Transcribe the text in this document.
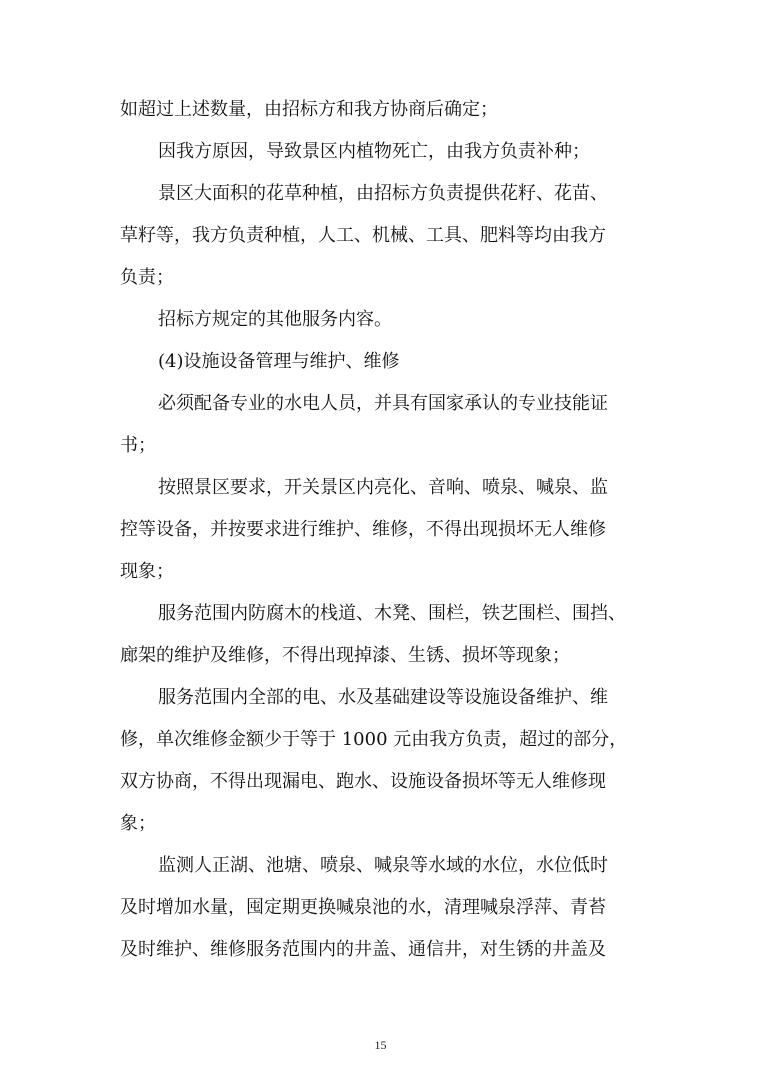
如超过上述数量，由招标方和我方协商后确定；
因我方原因，导致景区内植物死亡，由我方负责补种；
景区大面积的花草种植，由招标方负责提供花籽、花苗、
草籽等，我方负责种植，人工、机械、工具、肥料等均由我方
负责；
招标方规定的其他服务内容。
(4)设施设备管理与维护、维修
必须配备专业的水电人员，并具有国家承认的专业技能证
书；
按照景区要求，开关景区内亮化、音响、喷泉、喊泉、监
控等设备，并按要求进行维护、维修，不得出现损坏无人维修
现象；
服务范围内防腐木的栈道、木凳、围栏，铁艺围栏、围挡、
廊架的维护及维修，不得出现掉漆、生锈、损坏等现象；
服务范围内全部的电、水及基础建设等设施设备维护、维
修，单次维修金额少于等于 1000 元由我方负责，超过的部分，
双方协商，不得出现漏电、跑水、设施设备损坏等无人维修现
象；
监测人正湖、池塘、喷泉、喊泉等水域的水位，水位低时
及时增加水量，囤定期更换喊泉池的水，清理喊泉浮萍、青苔
及时维护、维修服务范围内的井盖、通信井，对生锈的井盖及
15
